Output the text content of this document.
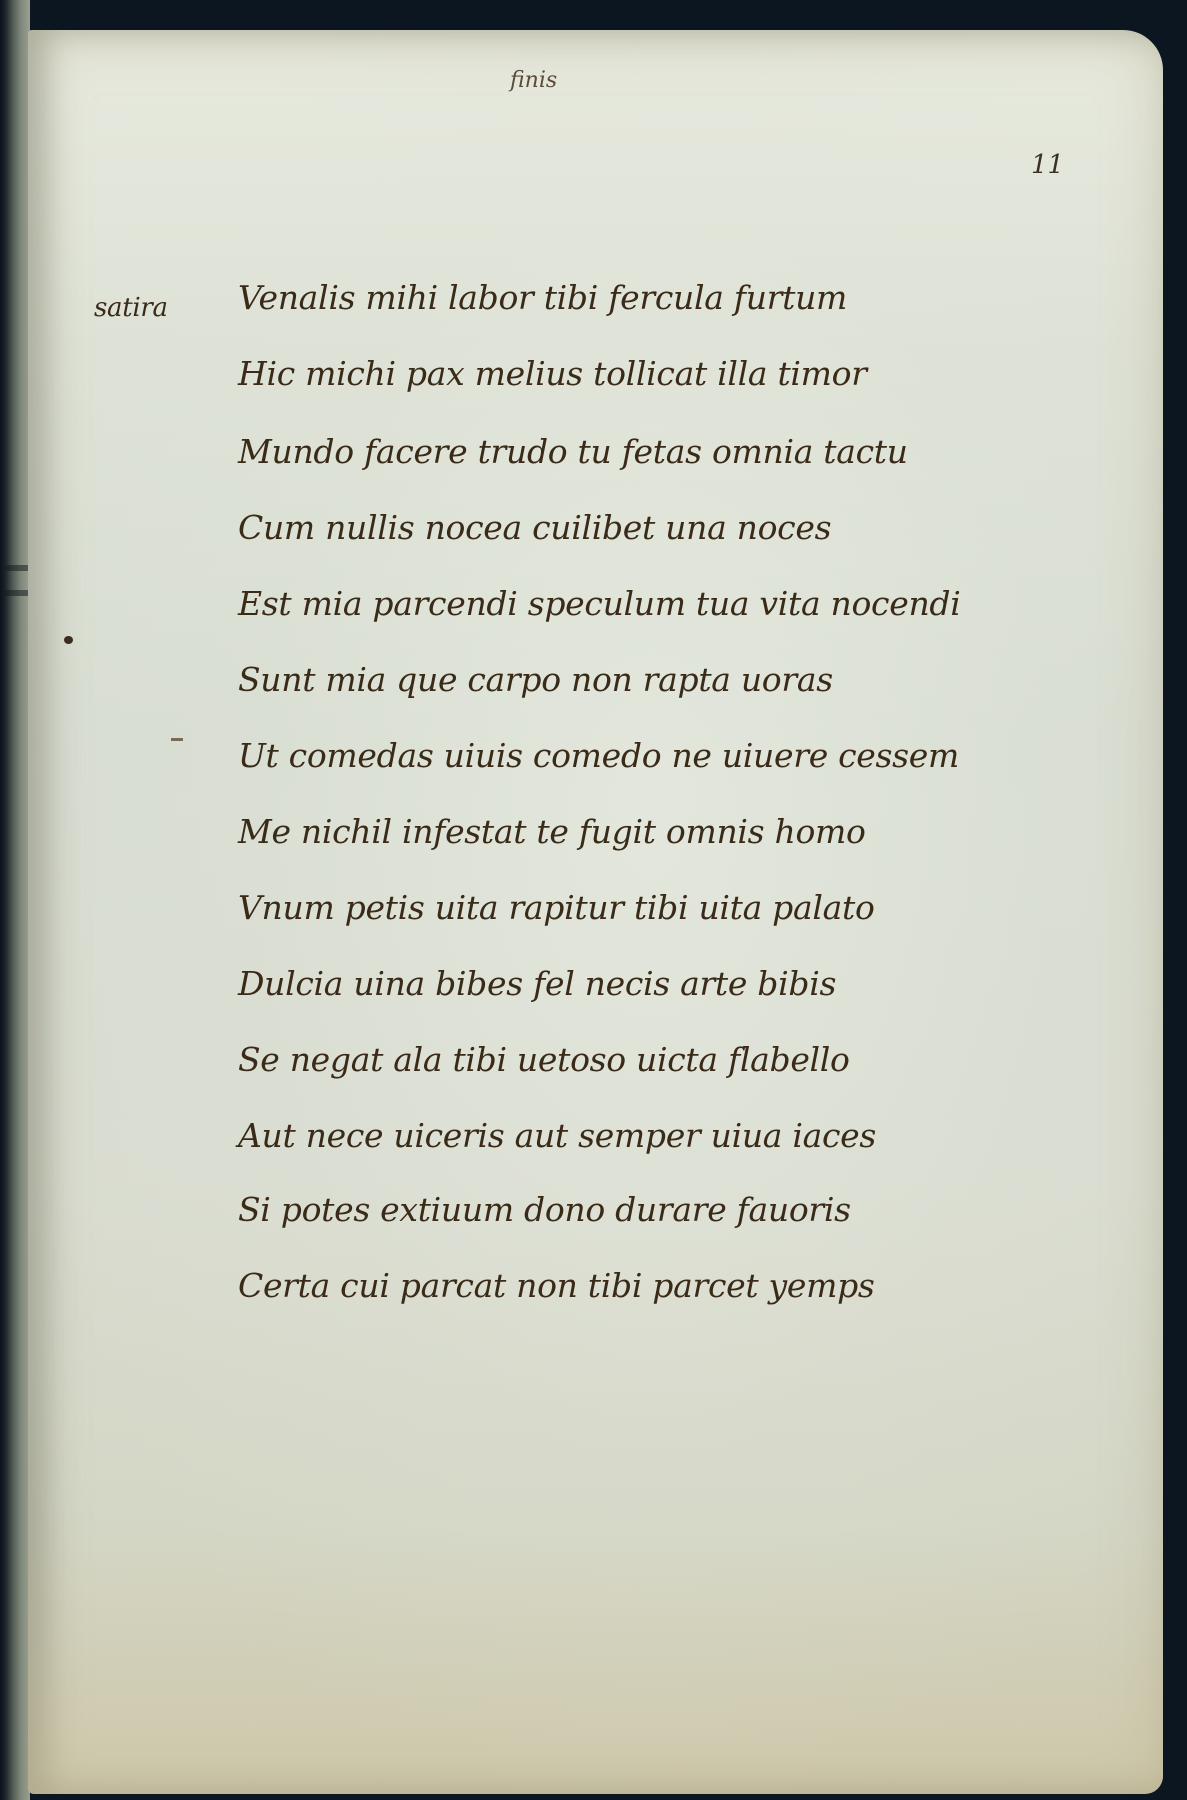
finis
11
satira Venalis mihi labor tibi fercula furtum
Hic michi pax melius tollicat illa timor
Mundo facere trudo tu fetas omnia tactu
Cum nullis nocea cuilibet una noces
Est mia parcendi speculum tua vita nocendi
Sunt mia que carpo non rapta uoras
Ut comedas uiuis comedo ne uiuere cessem
Me nichil infestat te fugit omnis homo
Vnum petis uita rapitur tibi uita palato
Dulcia uina bibes fel necis arte bibis
Se negat ala tibi uetoso uicta flabello
Aut nece uiceris aut semper uiua iaces
Si potes extiuum dono durare fauoris
Certa cui parcat non tibi parcet yemps
